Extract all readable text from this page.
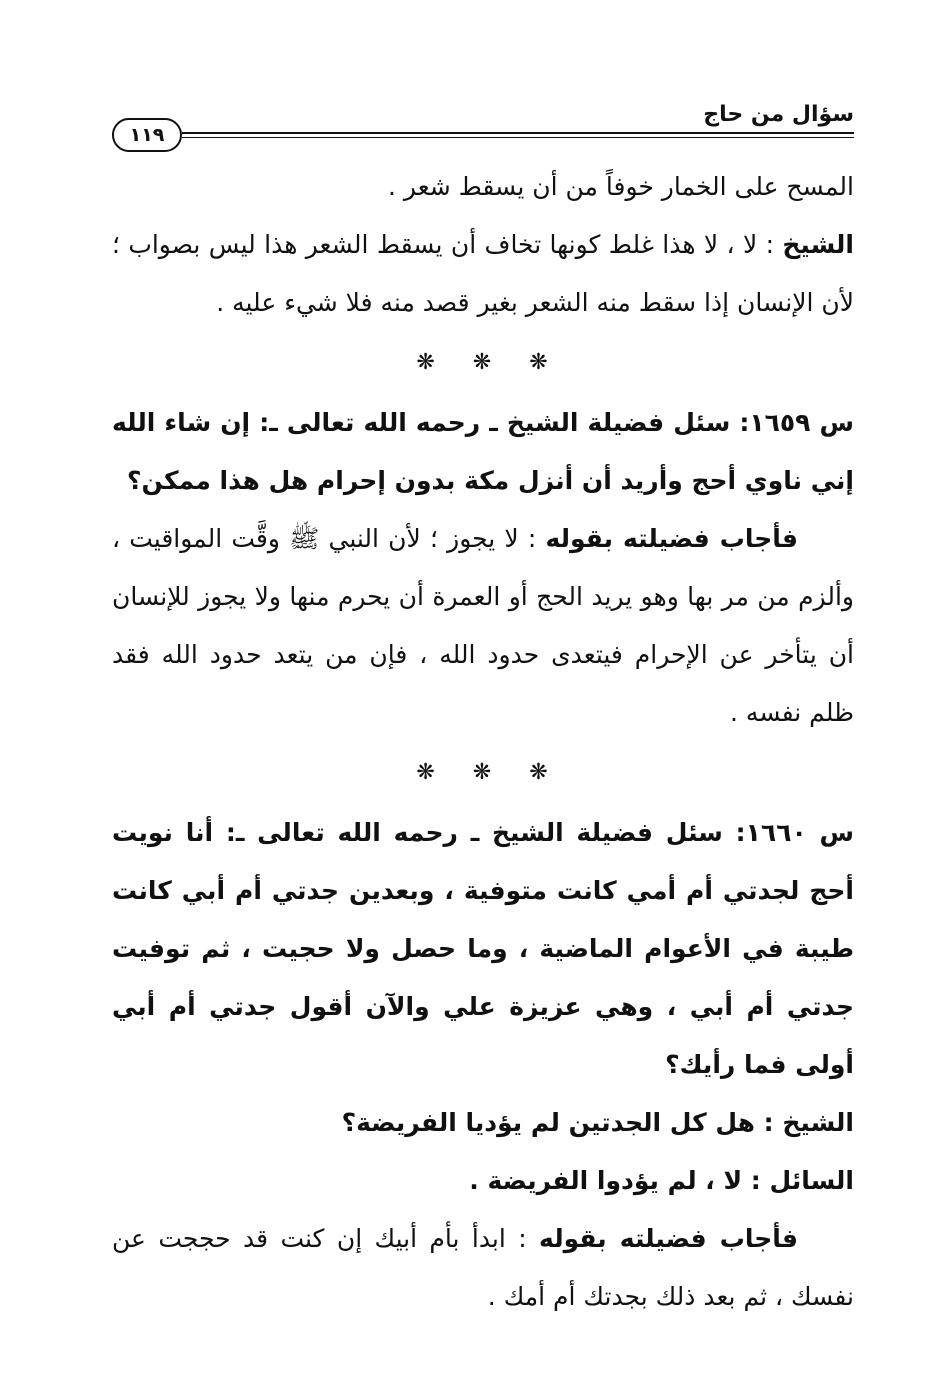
١١٩
سؤال من حاج

المسح على الخمار خوفاً من أن يسقط شعر .

الشيخ : لا ، لا هذا غلط كونها تخاف أن يسقط الشعر هذا ليس بصواب ؛ لأن الإنسان إذا سقط منه الشعر بغير قصد منه فلا شيء عليه .

❋ ❋ ❋

س ١٦٥٩: سئل فضيلة الشيخ ـ رحمه الله تعالى ـ: إن شاء الله إني ناوي أحج وأريد أن أنزل مكة بدون إحرام هل هذا ممكن؟

فأجاب فضيلته بقوله : لا يجوز ؛ لأن النبي ﷺ وقَّت المواقيت ، وألزم من مر بها وهو يريد الحج أو العمرة أن يحرم منها ولا يجوز للإنسان أن يتأخر عن الإحرام فيتعدى حدود الله ، فإن من يتعد حدود الله فقد ظلم نفسه .

❋ ❋ ❋

س ١٦٦٠: سئل فضيلة الشيخ ـ رحمه الله تعالى ـ: أنا نويت أحج لجدتي أم أمي كانت متوفية ، وبعدين جدتي أم أبي كانت طيبة في الأعوام الماضية ، وما حصل ولا حجيت ، ثم توفيت جدتي أم أبي ، وهي عزيزة علي والآن أقول جدتي أم أبي أولى فما رأيك؟

الشيخ : هل كل الجدتين لم يؤديا الفريضة؟

السائل : لا ، لم يؤدوا الفريضة .

فأجاب فضيلته بقوله : ابدأ بأم أبيك إن كنت قد حججت عن نفسك ، ثم بعد ذلك بجدتك أم أمك .
